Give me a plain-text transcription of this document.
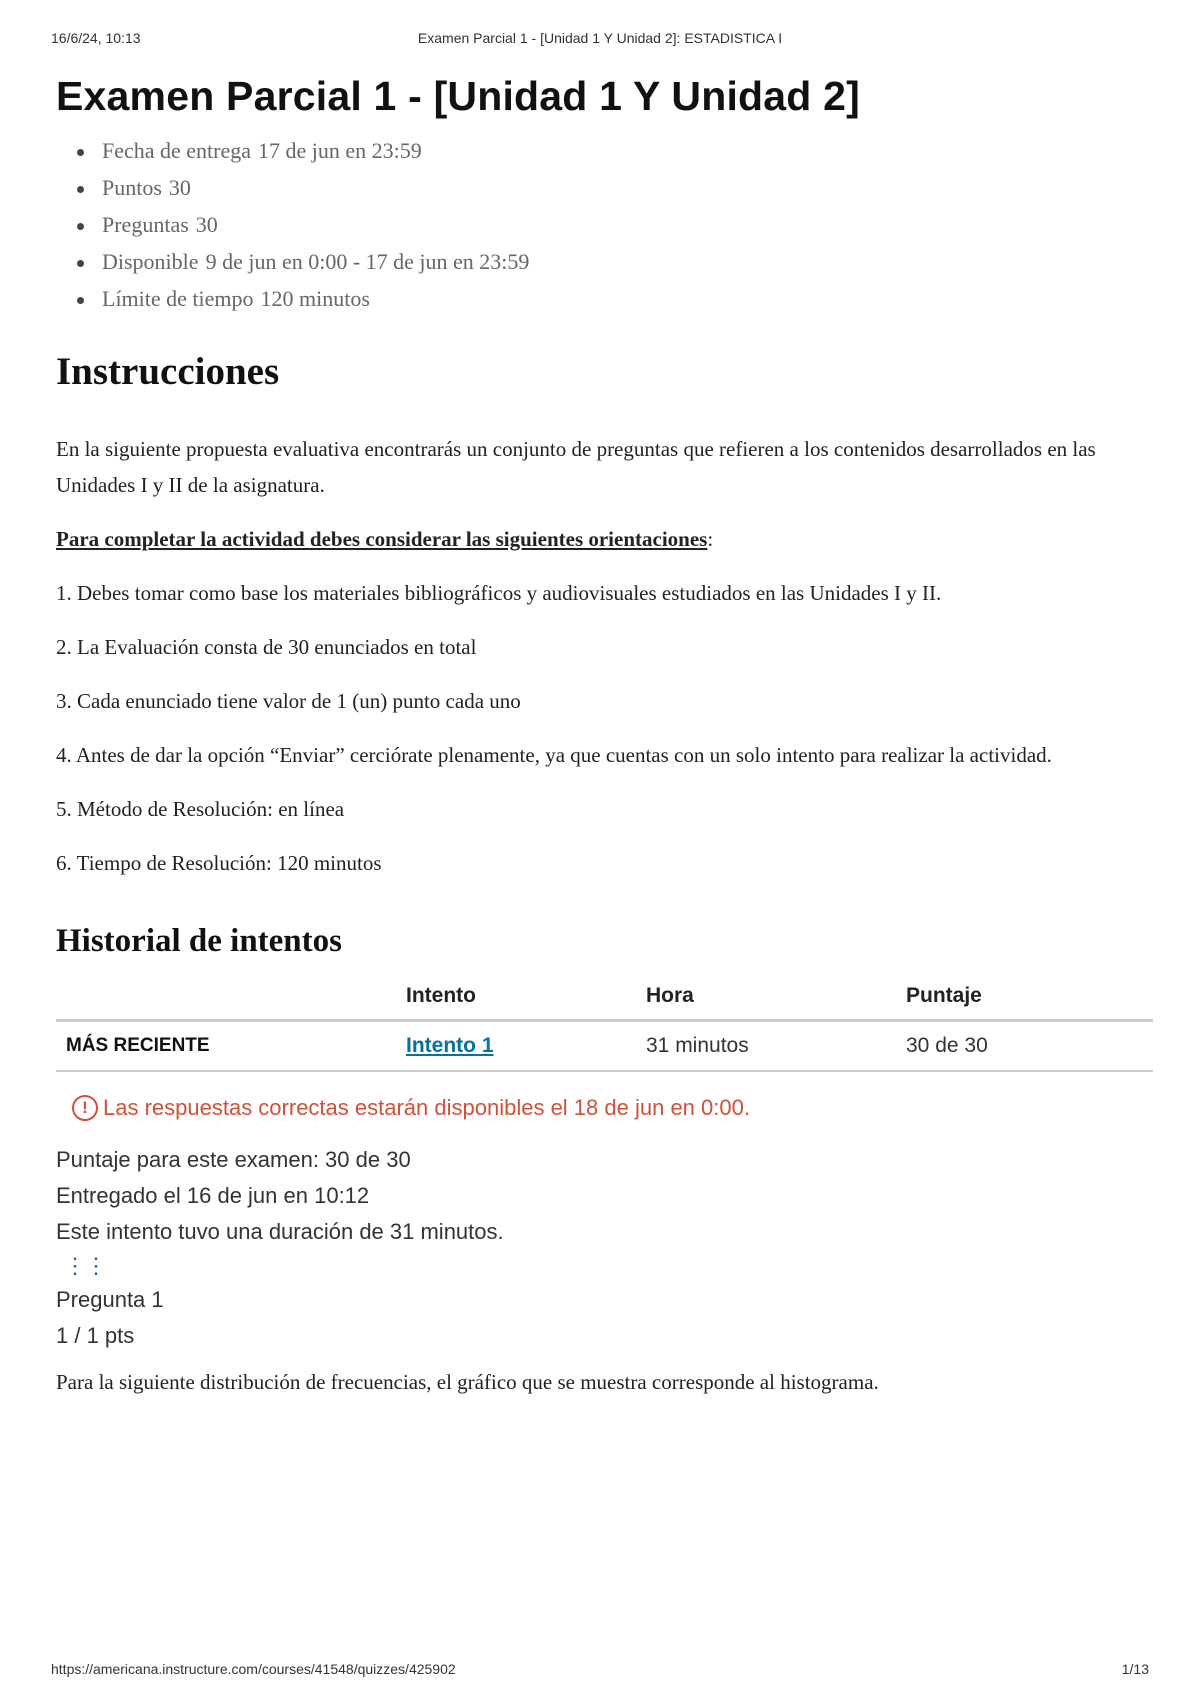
16/6/24, 10:13	Examen Parcial 1 - [Unidad 1 Y Unidad 2]: ESTADISTICA I
Examen Parcial 1 - [Unidad 1 Y Unidad 2]
Fecha de entrega 17 de jun en 23:59
Puntos 30
Preguntas 30
Disponible 9 de jun en 0:00 - 17 de jun en 23:59
Límite de tiempo 120 minutos
Instrucciones

En la siguiente propuesta evaluativa encontrarás un conjunto de preguntas que refieren a los contenidos desarrollados en las Unidades I y II de la asignatura.

Para completar la actividad debes considerar las siguientes orientaciones:

1. Debes tomar como base los materiales bibliográficos y audiovisuales estudiados en las Unidades I y II.

2. La Evaluación consta de 30 enunciados en total

3. Cada enunciado tiene valor de 1 (un) punto cada uno

4. Antes de dar la opción “Enviar” cerciórate plenamente, ya que cuentas con un solo intento para realizar la actividad.

5. Método de Resolución: en línea

6. Tiempo de Resolución: 120 minutos

Historial de intentos
	Intento	Hora	Puntaje
MÁS RECIENTE	Intento 1	31 minutos	30 de 30
! Las respuestas correctas estarán disponibles el 18 de jun en 0:00.

Puntaje para este examen: 30 de 30

Entregado el 16 de jun en 10:12

Este intento tuvo una duración de 31 minutos.

⋮⋮

Pregunta 1

1 / 1 pts

Para la siguiente distribución de frecuencias, el gráfico que se muestra corresponde al histograma.

https://americana.instructure.com/courses/41548/quizzes/425902	1/13
